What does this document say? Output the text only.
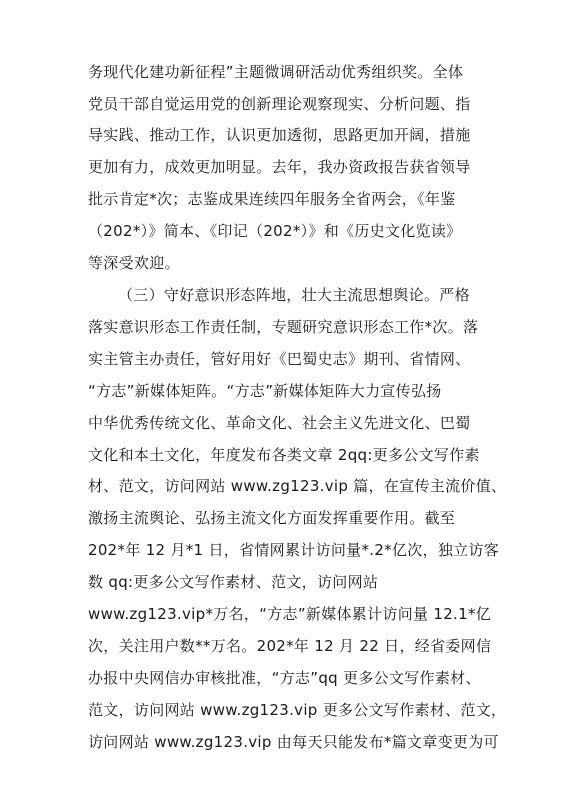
务现代化建功新征程”主题微调研活动优秀组织奖。全体
党员干部自觉运用党的创新理论观察现实、分析问题、指
导实践、推动工作，认识更加透彻，思路更加开阔，措施
更加有力，成效更加明显。去年，我办资政报告获省领导
批示肯定*次；志鉴成果连续四年服务全省两会，《年鉴
（202*）》简本、《印记（202*）》和《历史文化览读》
等深受欢迎。
（三）守好意识形态阵地，壮大主流思想舆论。严格
落实意识形态工作责任制，专题研究意识形态工作*次。落
实主管主办责任，管好用好《巴蜀史志》期刊、省情网、
“方志”新媒体矩阵。“方志”新媒体矩阵大力宣传弘扬
中华优秀传统文化、革命文化、社会主义先进文化、巴蜀
文化和本土文化，年度发布各类文章 2qq:更多公文写作素
材、范文，访问网站 www.zg123.vip 篇，在宣传主流价值、
激扬主流舆论、弘扬主流文化方面发挥重要作用。截至
202*年 12 月*1 日，省情网累计访问量*.2*亿次，独立访客
数 qq:更多公文写作素材、范文，访问网站
www.zg123.vip*万名，“方志”新媒体累计访问量 12.1*亿
次，关注用户数**万名。202*年 12 月 22 日，经省委网信
办报中央网信办审核批准，“方志”qq 更多公文写作素材、
范文，访问网站 www.zg123.vip 更多公文写作素材、范文，
访问网站 www.zg123.vip 由每天只能发布*篇文章变更为可
